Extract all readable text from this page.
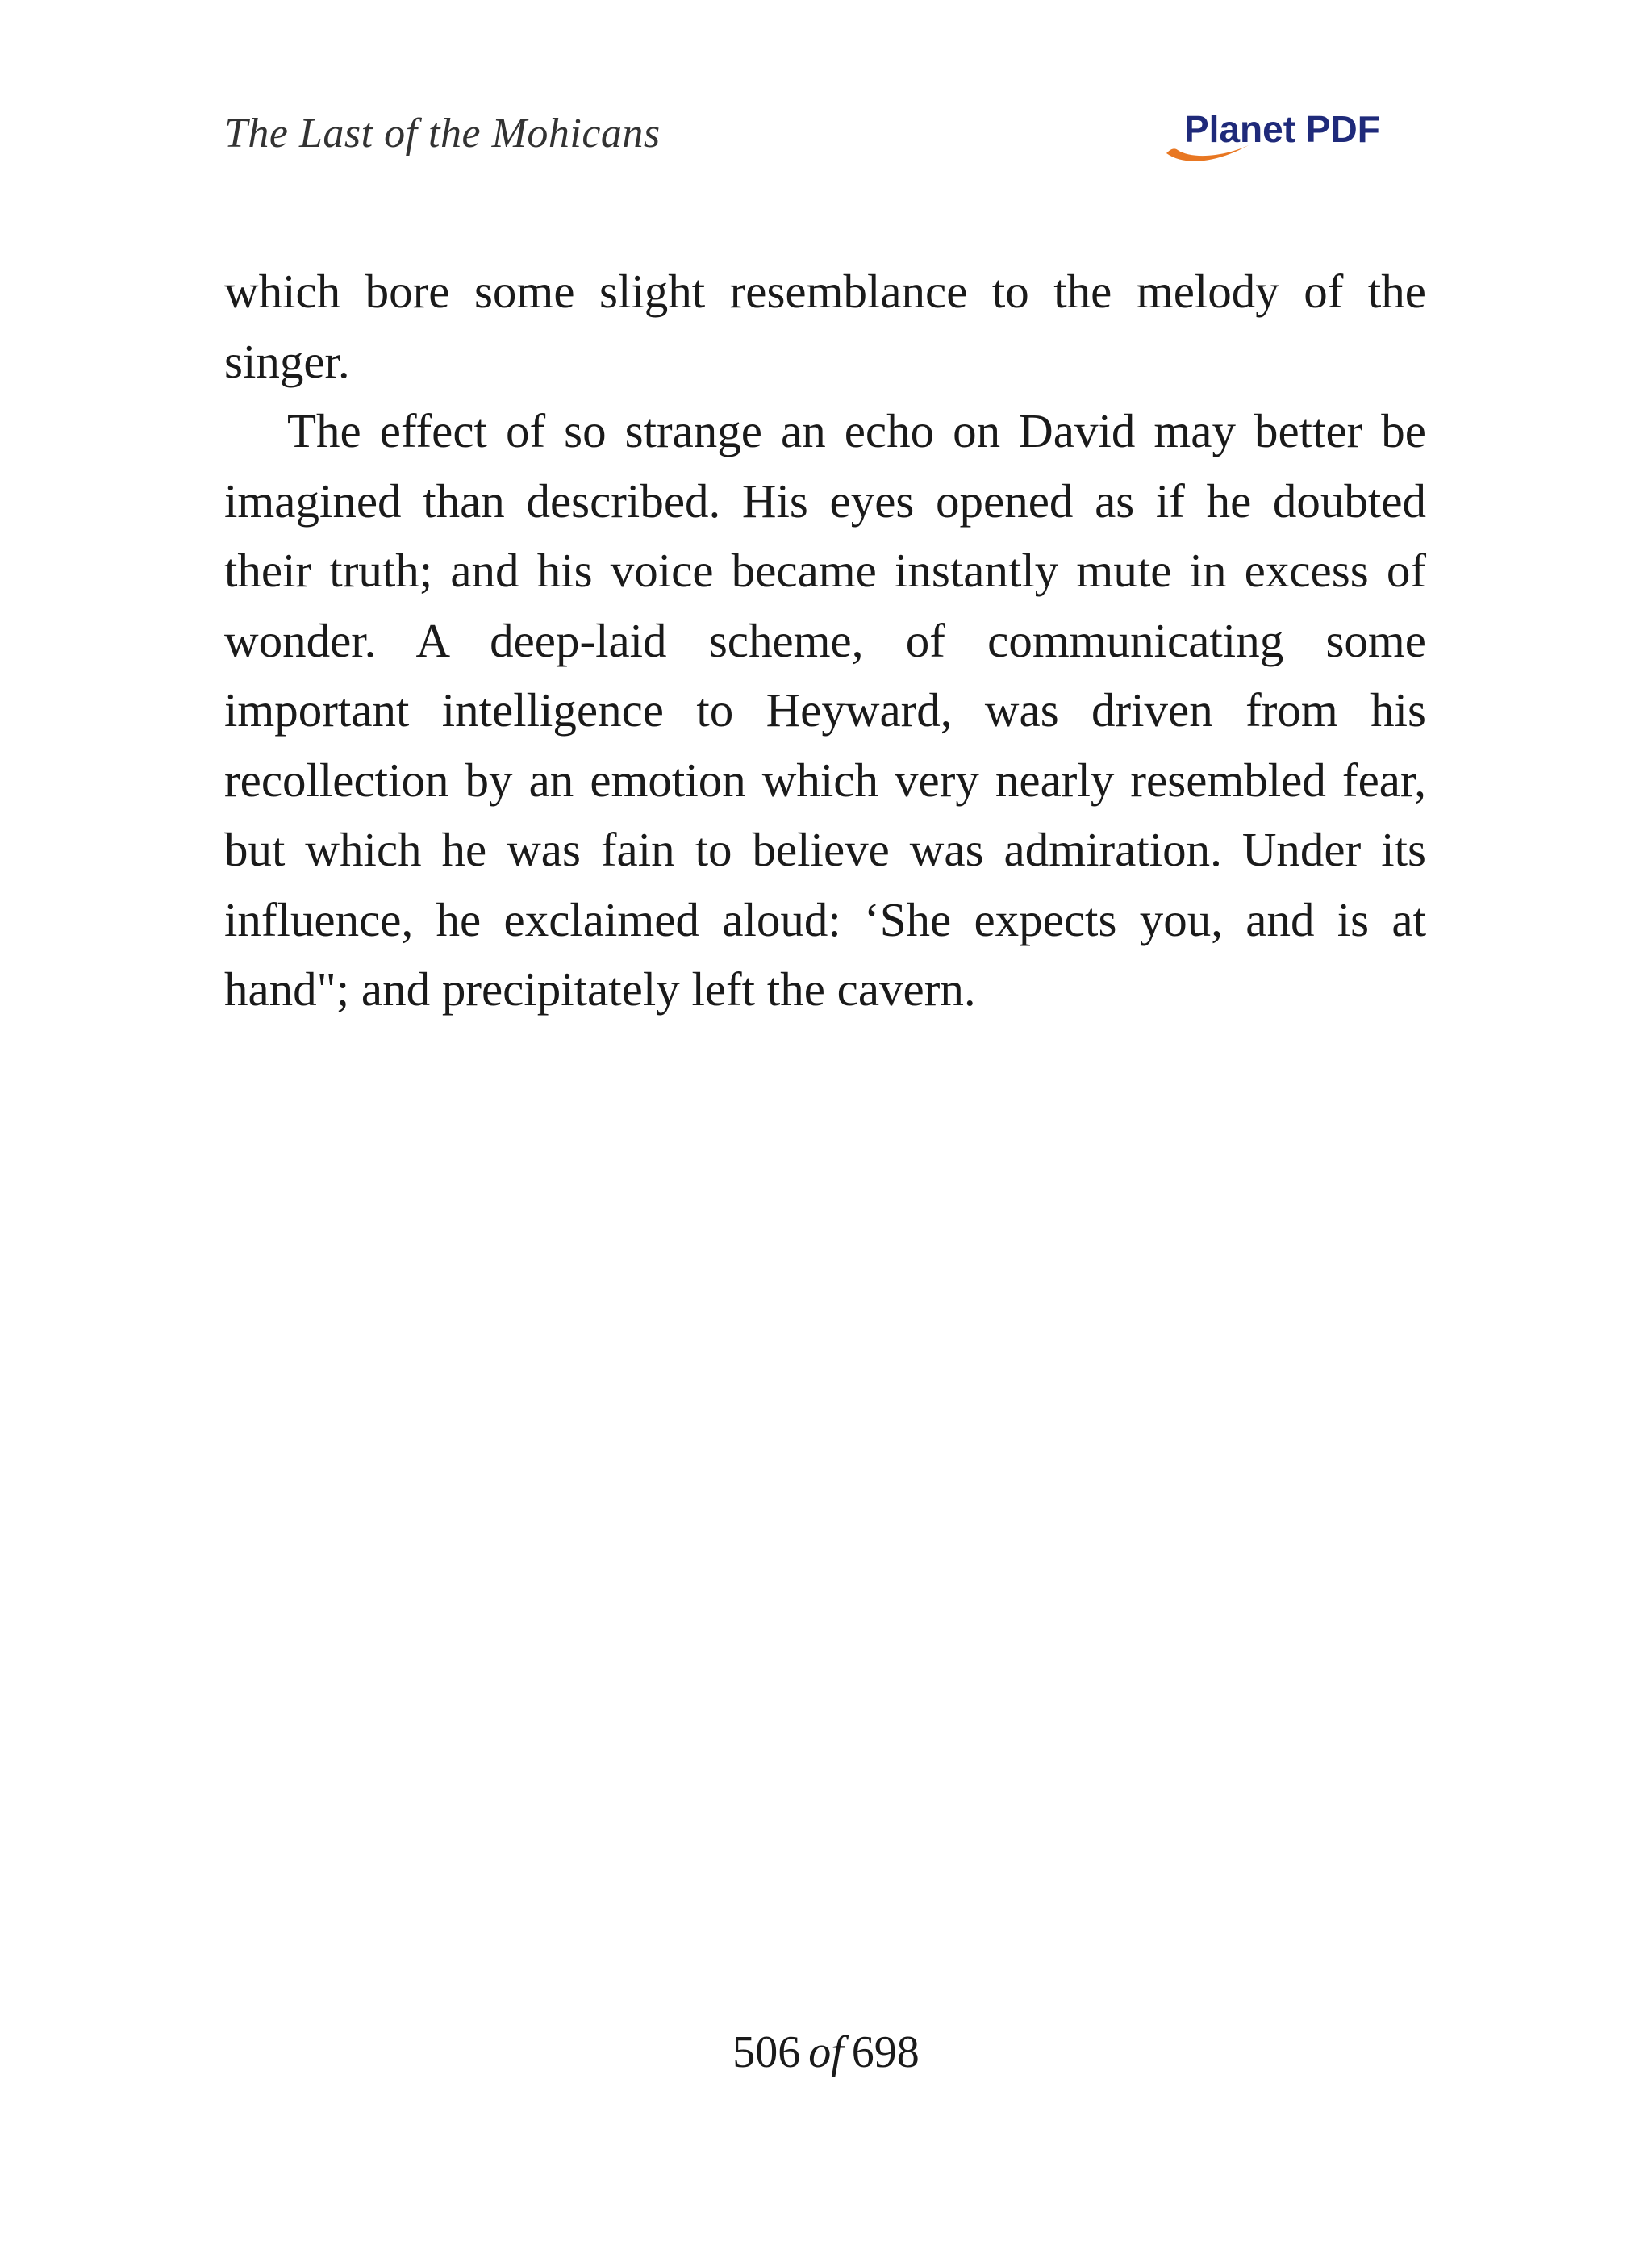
The Last of the Mohicans	Planet PDF

which bore some slight resemblance to the melody of the singer.

The effect of so strange an echo on David may better be imagined than described. His eyes opened as if he doubted their truth; and his voice became instantly mute in excess of wonder. A deep-laid scheme, of communicating some important intelligence to Heyward, was driven from his recollection by an emotion which very nearly resembled fear, but which he was fain to believe was admiration. Under its influence, he exclaimed aloud: ‘She expects you, and is at hand"; and precipitately left the cavern.

506 of 698
